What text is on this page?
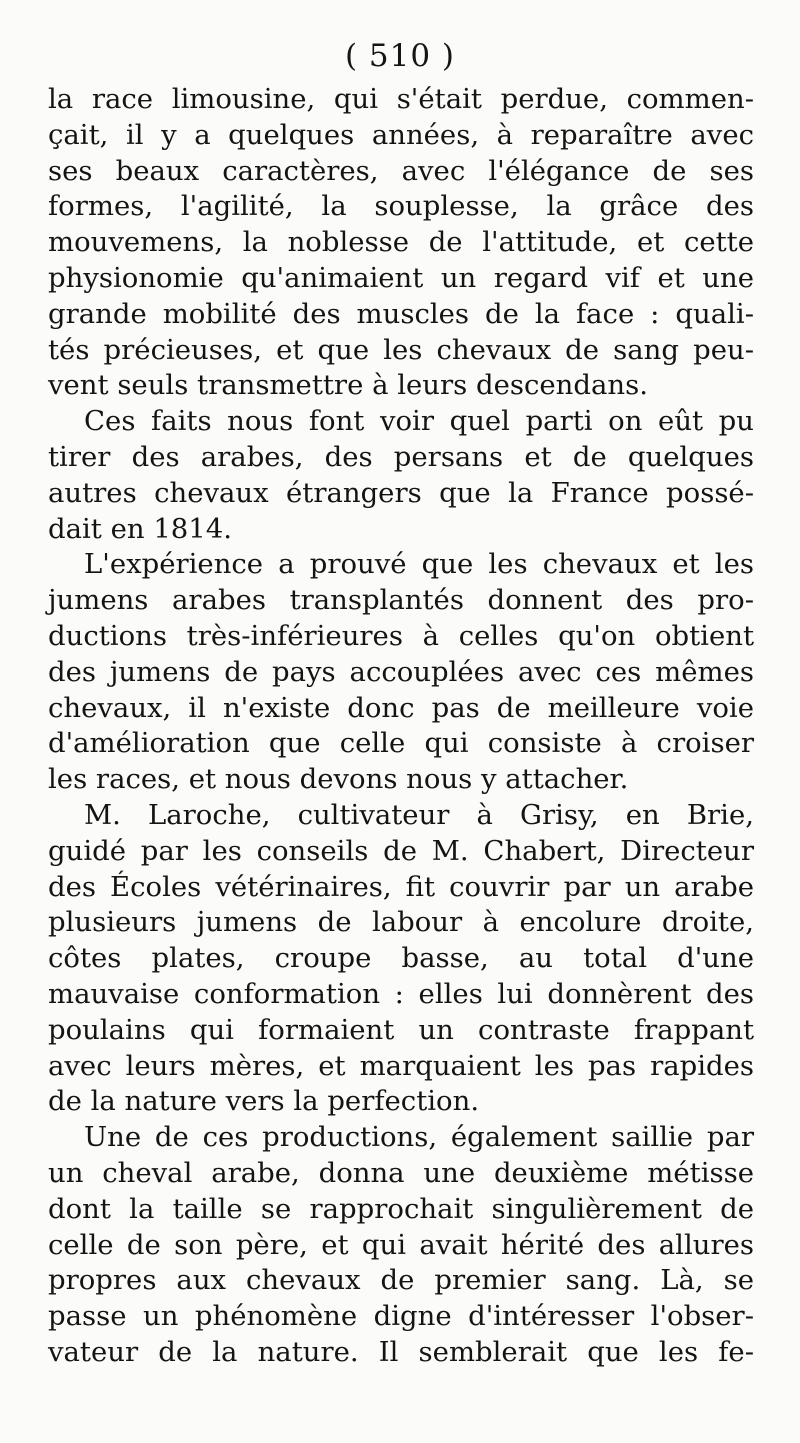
( 510 )
la race limousine, qui s'était perdue, commen-
çait, il y a quelques années, à reparaître avec
ses beaux caractères, avec l'élégance de ses
formes, l'agilité, la souplesse, la grâce des
mouvemens, la noblesse de l'attitude, et cette
physionomie qu'animaient un regard vif et une
grande mobilité des muscles de la face : quali-
tés précieuses, et que les chevaux de sang peu-
vent seuls transmettre à leurs descendans.
Ces faits nous font voir quel parti on eût pu
tirer des arabes, des persans et de quelques
autres chevaux étrangers que la France possé-
dait en 1814.
L'expérience a prouvé que les chevaux et les
jumens arabes transplantés donnent des pro-
ductions très-inférieures à celles qu'on obtient
des jumens de pays accouplées avec ces mêmes
chevaux, il n'existe donc pas de meilleure voie
d'amélioration que celle qui consiste à croiser
les races, et nous devons nous y attacher.
M. Laroche, cultivateur à Grisy, en Brie,
guidé par les conseils de M. Chabert, Directeur
des Écoles vétérinaires, fit couvrir par un arabe
plusieurs jumens de labour à encolure droite,
côtes plates, croupe basse, au total d'une
mauvaise conformation : elles lui donnèrent des
poulains qui formaient un contraste frappant
avec leurs mères, et marquaient les pas rapides
de la nature vers la perfection.
Une de ces productions, également saillie par
un cheval arabe, donna une deuxième métisse
dont la taille se rapprochait singulièrement de
celle de son père, et qui avait hérité des allures
propres aux chevaux de premier sang. Là, se
passe un phénomène digne d'intéresser l'obser-
vateur de la nature. Il semblerait que les fe-
